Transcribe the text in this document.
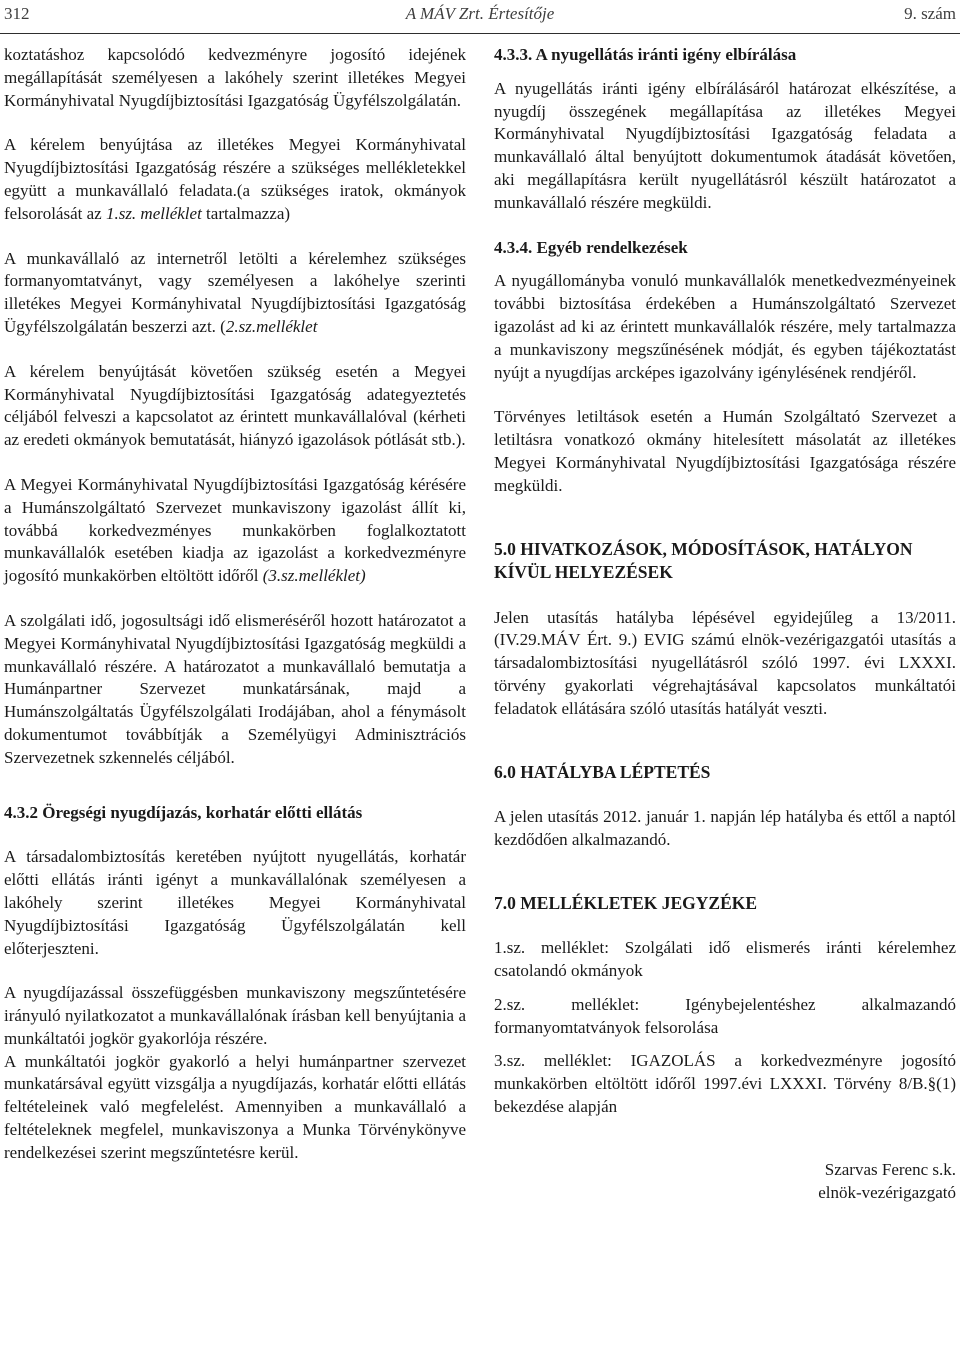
A MÁV Zrt. Értesítője
312	9. szám

koztatáshoz kapcsolódó kedvezményre jogosító idejének megállapítását személyesen a lakóhely szerint illetékes Megyei Kormányhivatal Nyugdíjbiztosítási Igazgatóság Ügyfélszolgálatán.

A kérelem benyújtása az illetékes Megyei Kormányhivatal Nyugdíjbiztosítási Igazgatóság részére a szükséges mellékletekkel együtt a munkavállaló feladata.(a szükséges iratok, okmányok felsorolását az 1.sz. melléklet tartalmazza)

A munkavállaló az internetről letölti a kérelemhez szükséges formanyomtatványt, vagy személyesen a lakóhelye szerinti illetékes Megyei Kormányhivatal Nyugdíjbiztosítási Igazgatóság Ügyfélszolgálatán beszerzi azt. (2.sz.melléklet

A kérelem benyújtását követően szükség esetén a Megyei Kormányhivatal Nyugdíjbiztosítási Igazgatóság adategyeztetés céljából felveszi a kapcsolatot az érintett munkavállalóval (kérheti az eredeti okmányok bemutatását, hiányzó igazolások pótlását stb.).

A Megyei Kormányhivatal Nyugdíjbiztosítási Igazgatóság kérésére a Humánszolgáltató Szervezet munkaviszony igazolást állít ki, továbbá korkedvezményes munkakörben foglalkoztatott munkavállalók esetében kiadja az igazolást a korkedvezményre jogosító munkakörben eltöltött időről (3.sz.melléklet)

A szolgálati idő, jogosultsági idő elismeréséről hozott határozatot a Megyei Kormányhivatal Nyugdíjbiztosítási Igazgatóság megküldi a munkavállaló részére. A határozatot a munkavállaló bemutatja a Humánpartner Szervezet munkatársának, majd a Humánszolgáltatás Ügyfélszolgálati Irodájában, ahol a fénymásolt dokumentumot továbbítják a Személyügyi Adminisztrációs Szervezetnek szkennelés céljából.

4.3.2 Öregségi nyugdíjazás, korhatár előtti ellátás

A társadalombiztosítás keretében nyújtott nyugellátás, korhatár előtti ellátás iránti igényt a munkavállalónak személyesen a lakóhely szerint illetékes Megyei Kormányhivatal Nyugdíjbiztosítási Igazgatóság Ügyfélszolgálatán kell előterjeszteni.

A nyugdíjazással összefüggésben munkaviszony megszűntetésére irányuló nyilatkozatot a munkavállalónak írásban kell benyújtania a munkáltatói jogkör gyakorlója részére.

A munkáltatói jogkör gyakorló a helyi humánpartner szervezet munkatársával együtt vizsgálja a nyugdíjazás, korhatár előtti ellátás feltételeinek való megfelelést. Amennyiben a munkavállaló a feltételeknek megfelel, munkaviszonya a Munka Törvénykönyve rendelkezései szerint megszűntetésre kerül.

4.3.3. A nyugellátás iránti igény elbírálása

A nyugellátás iránti igény elbírálásáról határozat elkészítése, a nyugdíj összegének megállapítása az illetékes Megyei Kormányhivatal Nyugdíjbiztosítási Igazgatóság feladata a munkavállaló által benyújtott dokumentumok átadását követően, aki megállapításra került nyugellátásról készült határozatot a munkavállaló részére megküldi.

4.3.4. Egyéb rendelkezések

A nyugállományba vonuló munkavállalók menetkedvezményeinek további biztosítása érdekében a Humánszolgáltató Szervezet igazolást ad ki az érintett munkavállalók részére, mely tartalmazza a munkaviszony megszűnésének módját, és egyben tájékoztatást nyújt a nyugdíjas arcképes igazolvány igénylésének rendjéről.

Törvényes letiltások esetén a Humán Szolgáltató Szervezet a letiltásra vonatkozó okmány hitelesített másolatát az illetékes Megyei Kormányhivatal Nyugdíjbiztosítási Igazgatósága részére megküldi.

5.0 HIVATKOZÁSOK, MÓDOSÍTÁSOK, HATÁLYON KÍVÜL HELYEZÉSEK

Jelen utasítás hatályba lépésével egyidejűleg a 13/2011. (IV.29.MÁV Ért. 9.) EVIG számú elnök-vezérigazgatói utasítás a társadalombiztosítási nyugellátásról szóló 1997. évi LXXXI. törvény gyakorlati végrehajtásával kapcsolatos munkáltatói feladatok ellátására szóló utasítás hatályát veszti.

6.0 HATÁLYBA LÉPTETÉS

A jelen utasítás 2012. január 1. napján lép hatályba és ettől a naptól kezdődően alkalmazandó.

7.0 MELLÉKLETEK JEGYZÉKE

1.sz. melléklet: Szolgálati idő elismerés iránti kérelemhez csatolandó okmányok

2.sz. melléklet: Igénybejelentéshez alkalmazandó formanyomtatványok felsorolása

3.sz. melléklet: IGAZOLÁS a korkedvezményre jogosító munkakörben eltöltött időről 1997.évi LXXXI. Törvény 8/B.§(1) bekezdése alapján

Szarvas Ferenc s.k.

elnök-vezérigazgató
